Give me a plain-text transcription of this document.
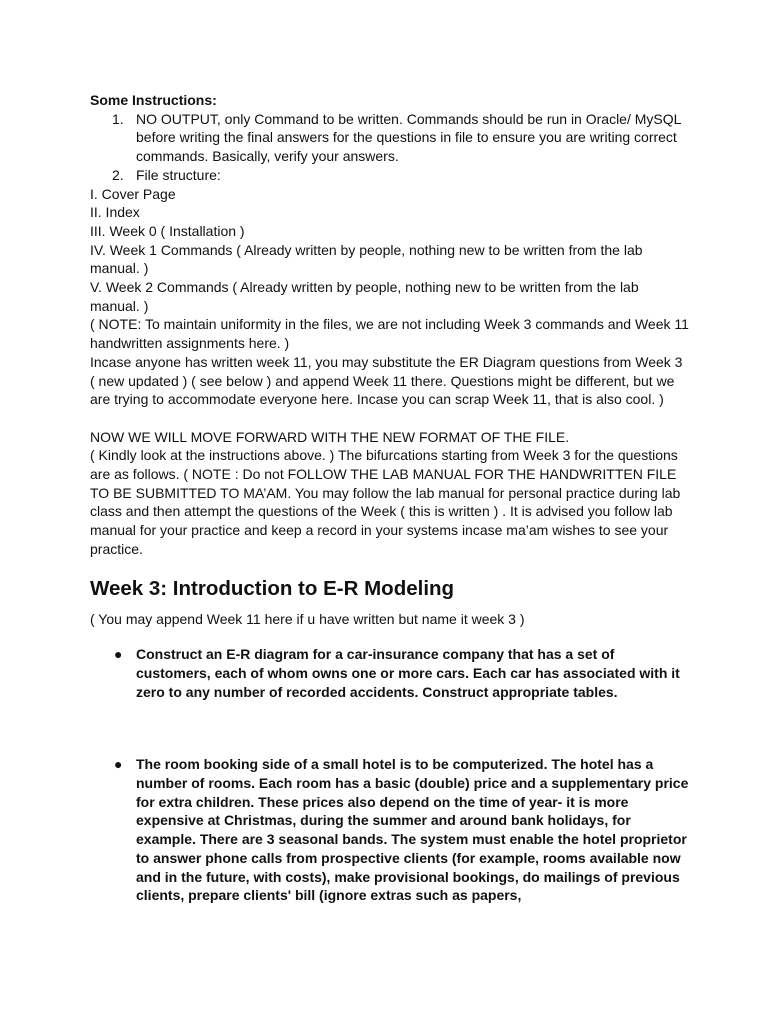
Some Instructions:

1. NO OUTPUT, only Command to be written. Commands should be run in Oracle/ MySQL before writing the final answers for the questions in file to ensure you are writing correct commands. Basically, verify your answers.
2. File structure:

I. Cover Page

II. Index

III. Week 0 ( Installation )

IV. Week 1 Commands ( Already written by people, nothing new to be written from the lab manual. )

V. Week 2 Commands ( Already written by people, nothing new to be written from the lab manual. )

( NOTE: To maintain uniformity in the files, we are not including Week 3 commands and Week 11 handwritten assignments here. )

Incase anyone has written week 11, you may substitute the ER Diagram questions from Week 3 ( new updated ) ( see below ) and append Week 11 there. Questions might be different, but we are trying to accommodate everyone here. Incase you can scrap Week 11, that is also cool. )

NOW WE WILL MOVE FORWARD WITH THE NEW FORMAT OF THE FILE.

( Kindly look at the instructions above. ) The bifurcations starting from Week 3 for the questions are as follows. ( NOTE : Do not FOLLOW THE LAB MANUAL FOR THE HANDWRITTEN FILE TO BE SUBMITTED TO MA’AM. You may follow the lab manual for personal practice during lab class and then attempt the questions of the Week ( this is written ) . It is advised you follow lab manual for your practice and keep a record in your systems incase ma’am wishes to see your practice.

Week 3: Introduction to E-R Modeling

( You may append Week 11 here if u have written but name it week 3 )

● Construct an E-R diagram for a car-insurance company that has a set of customers, each of whom owns one or more cars. Each car has associated with it zero to any number of recorded accidents. Construct appropriate tables.
● The room booking side of a small hotel is to be computerized. The hotel has a number of rooms. Each room has a basic (double) price and a supplementary price for extra children. These prices also depend on the time of year- it is more expensive at Christmas, during the summer and around bank holidays, for example. There are 3 seasonal bands. The system must enable the hotel proprietor to answer phone calls from prospective clients (for example, rooms available now and in the future, with costs), make provisional bookings, do mailings of previous clients, prepare clients' bill (ignore extras such as papers,
